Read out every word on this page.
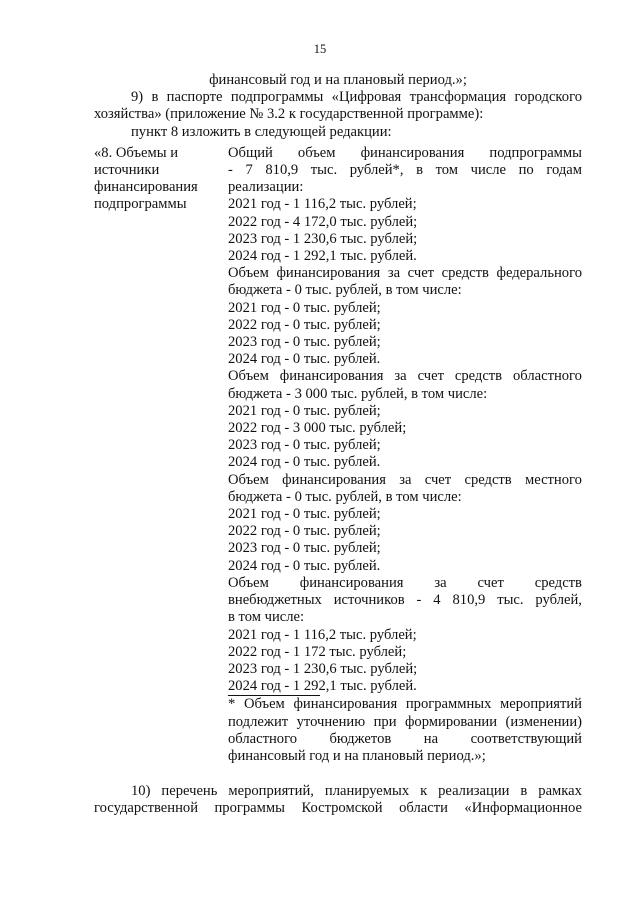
15
финансовый год и на плановый период.»;
9) в паспорте подпрограммы «Цифровая трансформация городского
хозяйства» (приложение № 3.2 к государственной программе):
пункт 8 изложить в следующей редакции:
«8. Объемы и
источники
финансирования
подпрограммы
Общий объем финансирования подпрограммы
- 7 810,9 тыс. рублей*, в том числе по годам
реализации:
2021 год - 1 116,2 тыс. рублей;
2022 год - 4 172,0 тыс. рублей;
2023 год - 1 230,6 тыс. рублей;
2024 год - 1 292,1 тыс. рублей.
Объем финансирования за счет средств федерального
бюджета - 0 тыс. рублей, в том числе:
2021 год - 0 тыс. рублей;
2022 год - 0 тыс. рублей;
2023 год - 0 тыс. рублей;
2024 год - 0 тыс. рублей.
Объем финансирования за счет средств областного
бюджета - 3 000 тыс. рублей, в том числе:
2021 год - 0 тыс. рублей;
2022 год - 3 000 тыс. рублей;
2023 год - 0 тыс. рублей;
2024 год - 0 тыс. рублей.
Объем финансирования за счет средств местного
бюджета - 0 тыс. рублей, в том числе:
2021 год - 0 тыс. рублей;
2022 год - 0 тыс. рублей;
2023 год - 0 тыс. рублей;
2024 год - 0 тыс. рублей.
Объем финансирования за счет средств
внебюджетных источников - 4 810,9 тыс. рублей,
в том числе:
2021 год - 1 116,2 тыс. рублей;
2022 год - 1 172 тыс. рублей;
2023 год - 1 230,6 тыс. рублей;
2024 год - 1 292,1 тыс. рублей.
* Объем финансирования программных мероприятий
подлежит уточнению при формировании (изменении)
областного бюджетов на соответствующий
финансовый год и на плановый период.»;
10) перечень мероприятий, планируемых к реализации в рамках
государственной программы Костромской области «Информационное
